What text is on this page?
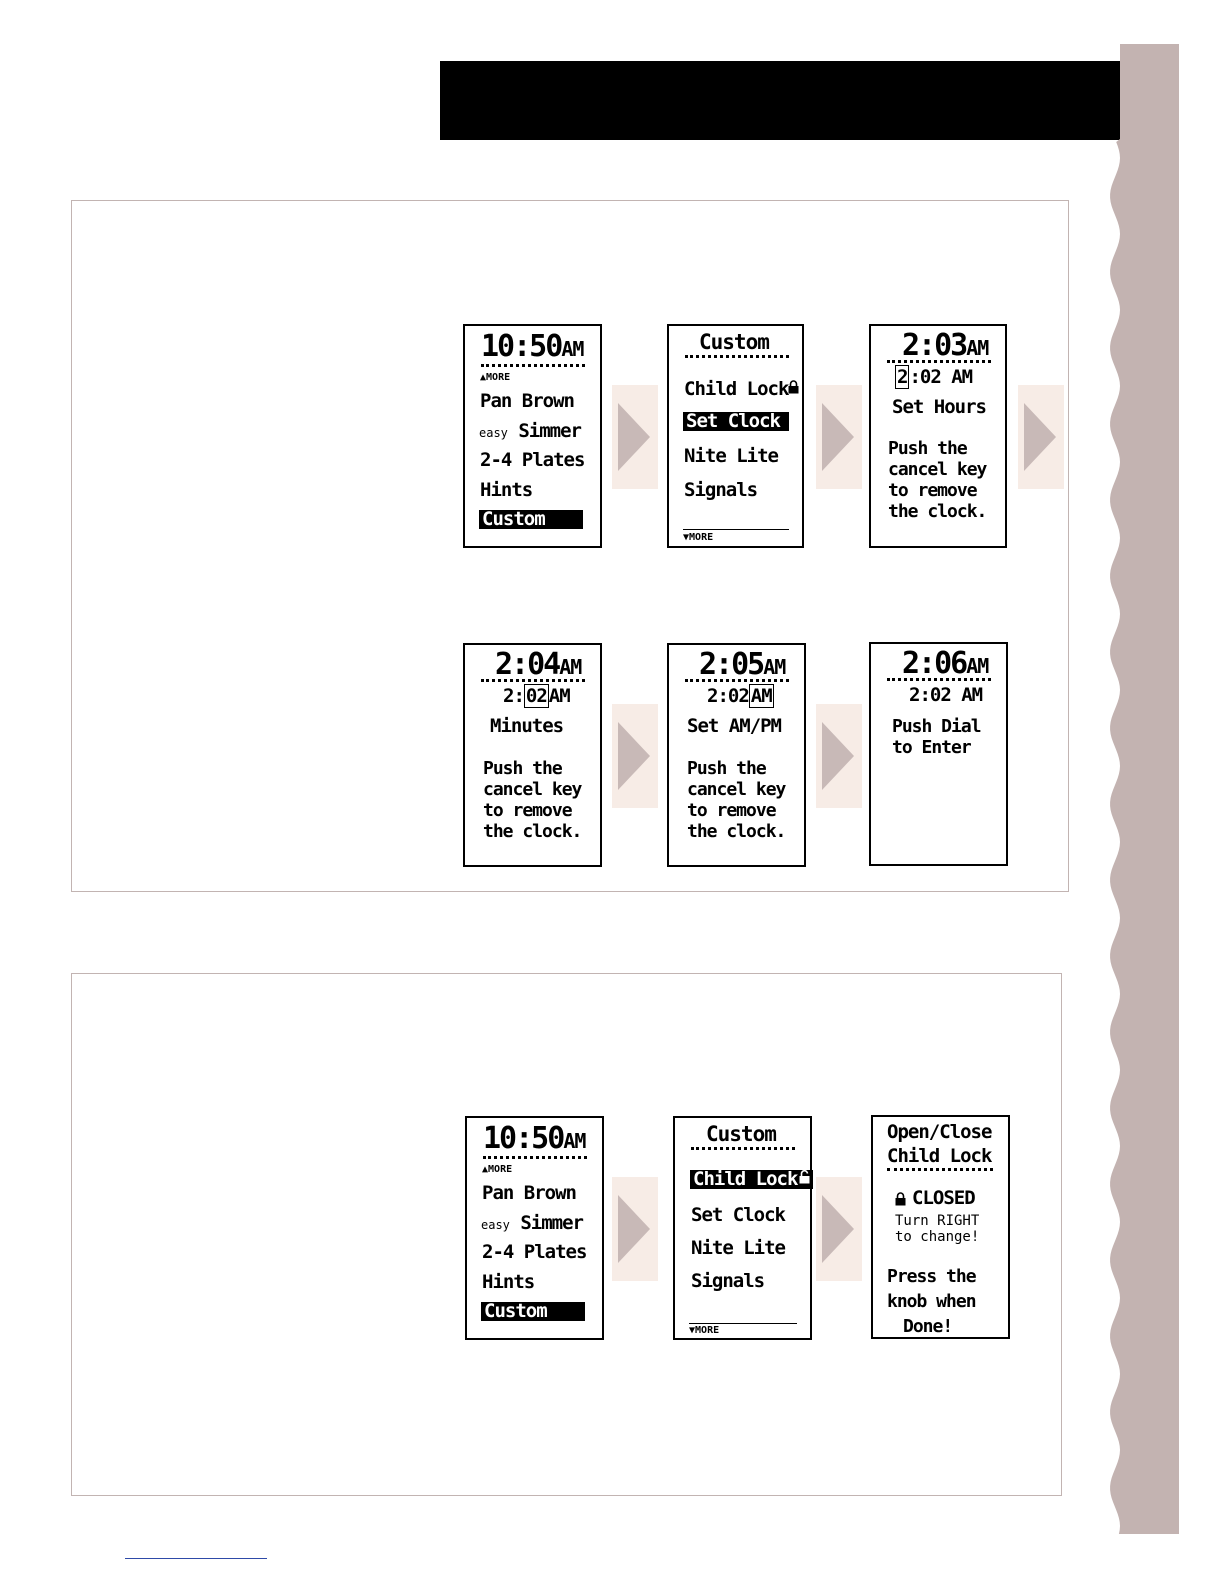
10:50AM
▲MORE
Pan Brown
easy Simmer
2-4 Plates
Hints
Custom
Custom
Child Lock
Set Clock
Nite Lite
Signals
▼MORE
2:03AM
2 :02 AM
Set Hours
Push the
cancel key
to remove
the clock.
2:04AM
2: 02 AM
Minutes
Push the
cancel key
to remove
the clock.
2:05AM
2:02 AM
Set AM/PM
Push the
cancel key
to remove
the clock.
2:06AM
2:02 AM
Push Dial
to Enter
10:50AM
▲MORE
Pan Brown
easy Simmer
2-4 Plates
Hints
Custom
Custom
Child Lock
Set Clock
Nite Lite
Signals
▼MORE
Open/Close
Child Lock
CLOSED
Turn RIGHT
to change!
Press the
knob when
Done!
